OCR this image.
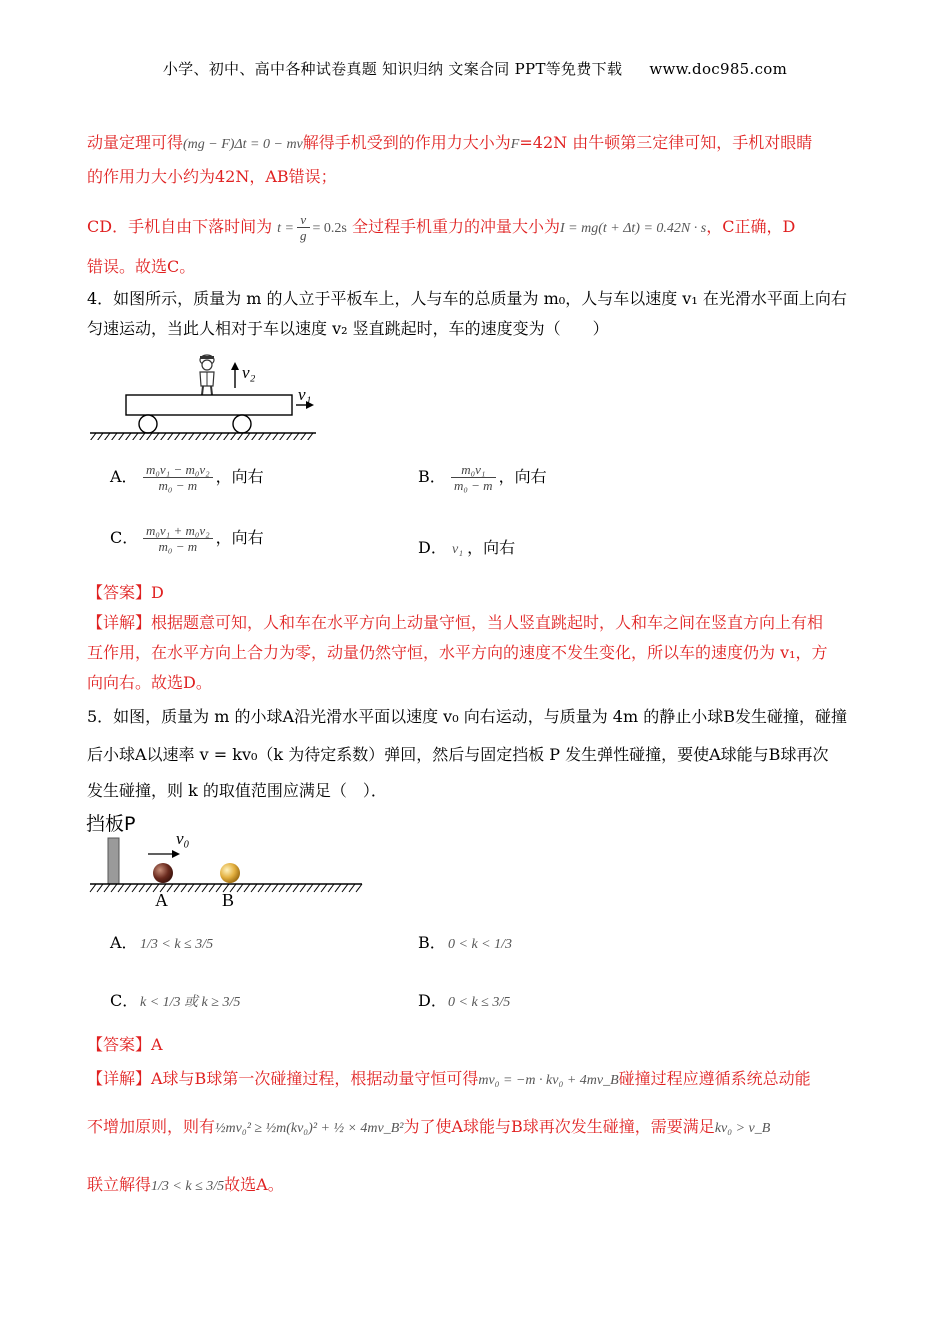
小学、初中、高中各种试卷真题 知识归纳 文案合同 PPT等免费下载 www.doc985.com
动量定理可得(mg − F)Δt = 0 − mv解得手机受到的作用力大小为F=42N 由牛顿第三定律可知，手机对眼睛
的作用力大小约为42N，AB错误；
CD．手机自由下落时间为 $t = \frac{v}{g} = 0.2s$ 全过程手机重力的冲量大小为I = mg(t + Δt) = 0.42N · s，C正确，D
错误。故选C。
4．如图所示，质量为 m 的人立于平板车上，人与车的总质量为 m₀，人与车以速度 v₁ 在光滑水平面上向右
匀速运动，当此人相对于车以速度 v₂ 竖直跳起时，车的速度变为（　　）
v₂
v₁
A． $\frac{\text{m₀v₁ − m₀v₂}}{\text{m₀ − m}}$ ，向右	B． $\frac{\text{m₀v₁}}{\text{m₀ − m}}$ ，向右
C． $\frac{\text{m₀v₁ + m₀v₂}}{\text{m₀ − m}}$ ，向右
D． v₁ ，向右
【答案】D
【详解】根据题意可知，人和车在水平方向上动量守恒，当人竖直跳起时，人和车之间在竖直方向上有相
互作用，在水平方向上合力为零，动量仍然守恒，水平方向的速度不发生变化，所以车的速度仍为 v₁，方
向向右。故选D。
5．如图，质量为 m 的小球A沿光滑水平面以速度 v₀ 向右运动，与质量为 4m 的静止小球B发生碰撞，碰撞
后小球A以速率 v = kv₀（k 为待定系数）弹回，然后与固定挡板 P 发生弹性碰撞，要使A球能与B球再次
发生碰撞，则 k 的取值范围应满足（　）．
挡板P
v₀
A	B
A． 1/3 < k ≤ 3/5	B． 0 < k < 1/3
C． k < 1/3 或 k ≥ 3/5	D．0 < k ≤ 3/5
【答案】A
【详解】A球与B球第一次碰撞过程，根据动量守恒可得mv₀ = −m · kv₀ + 4mv_B碰撞过程应遵循系统总动能
不增加原则，则有½mv₀² ≥ ½m(kv₀)² + ½ × 4mv_B²为了使A球能与B球再次发生碰撞，需要满足kv₀ > v_B
联立解得1/3 < k ≤ 3/5故选A。
